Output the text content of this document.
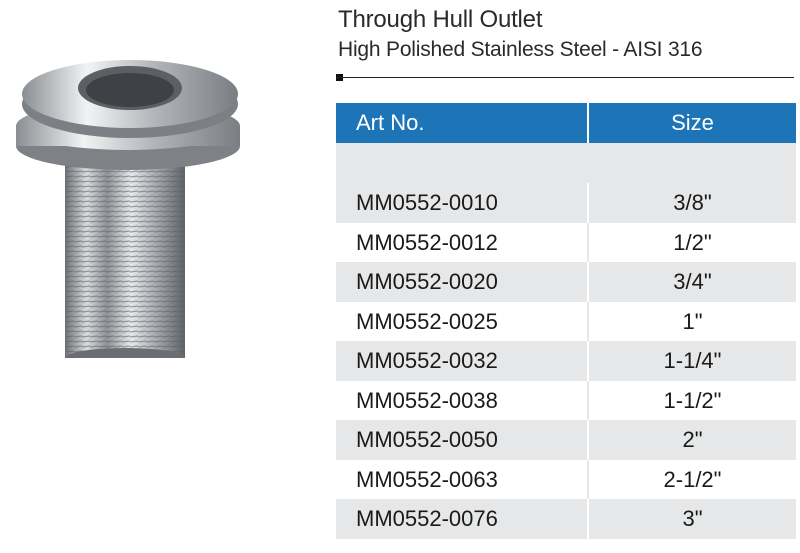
Through Hull Outlet
High Polished Stainless Steel - AISI 316
Art No.	Size
MM0552-0010	3/8"
MM0552-0012	1/2"
MM0552-0020	3/4"
MM0552-0025	1"
MM0552-0032	1-1/4"
MM0552-0038	1-1/2"
MM0552-0050	2"
MM0552-0063	2-1/2"
MM0552-0076	3"
